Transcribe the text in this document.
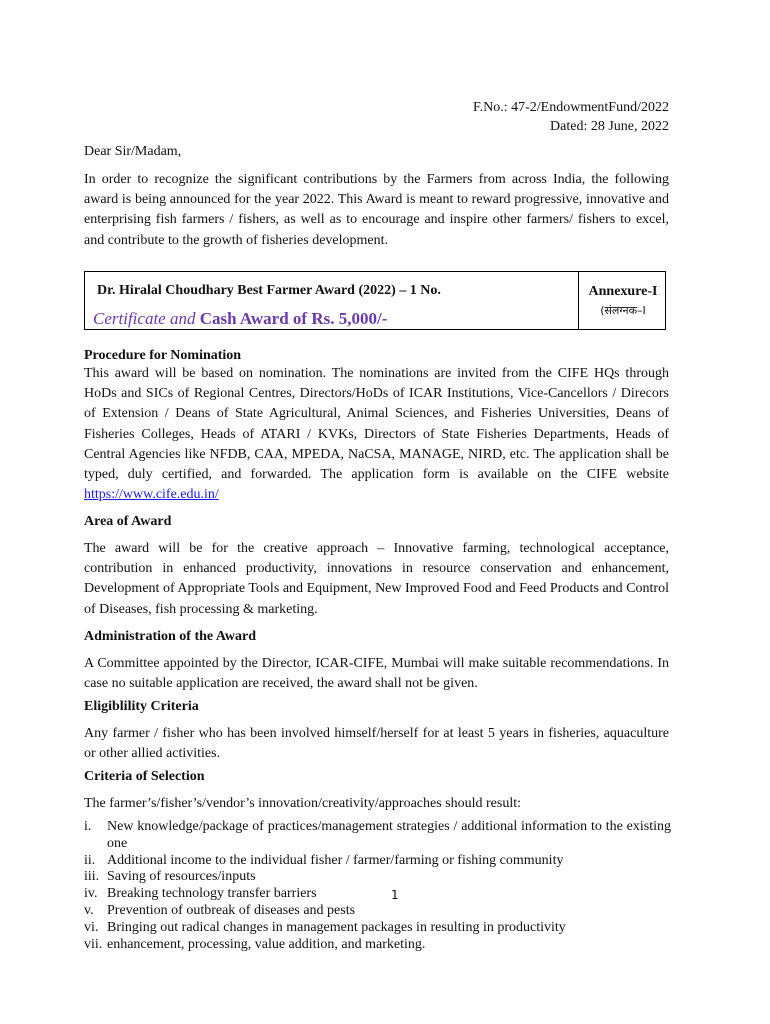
F.No.: 47-2/EndowmentFund/2022
Dated: 28 June, 2022
Dear Sir/Madam,

In order to recognize the significant contributions by the Farmers from across India, the following award is being announced for the year 2022. This Award is meant to reward progressive, innovative and enterprising fish farmers / fishers, as well as to encourage and inspire other farmers/ fishers to excel, and contribute to the growth of fisheries development.

Dr. Hiralal Choudhary Best Farmer Award (2022) – 1 No.
Certificate and Cash Award of Rs. 5,000/-
Annexure-I
(संलग्नक–I
Procedure for Nomination

This award will be based on nomination. The nominations are invited from the CIFE HQs through HoDs and SICs of Regional Centres, Directors/HoDs of ICAR Institutions, Vice-Cancellors / Direcors of Extension / Deans of State Agricultural, Animal Sciences, and Fisheries Universities, Deans of Fisheries Colleges, Heads of ATARI / KVKs, Directors of State Fisheries Departments, Heads of Central Agencies like NFDB, CAA, MPEDA, NaCSA, MANAGE, NIRD, etc. The application shall be typed, duly certified, and forwarded. The application form is available on the CIFE website https://www.cife.edu.in/

Area of Award

The award will be for the creative approach – Innovative farming, technological acceptance, contribution in enhanced productivity, innovations in resource conservation and enhancement, Development of Appropriate Tools and Equipment, New Improved Food and Feed Products and Control of Diseases, fish processing & marketing.

Administration of the Award

A Committee appointed by the Director, ICAR-CIFE, Mumbai will make suitable recommendations. In case no suitable application are received, the award shall not be given.

Eligiblility Criteria

Any farmer / fisher who has been involved himself/herself for at least 5 years in fisheries, aquaculture or other allied activities.

Criteria of Selection

The farmer’s/fisher’s/vendor’s innovation/creativity/approaches should result:

i. New knowledge/package of practices/management strategies / additional information to the existing one
ii. Additional income to the individual fisher / farmer/farming or fishing community
iii. Saving of resources/inputs
iv. Breaking technology transfer barriers
v. Prevention of outbreak of diseases and pests
vi. Bringing out radical changes in management packages in resulting in productivity
vii. enhancement, processing, value addition, and marketing.
1
